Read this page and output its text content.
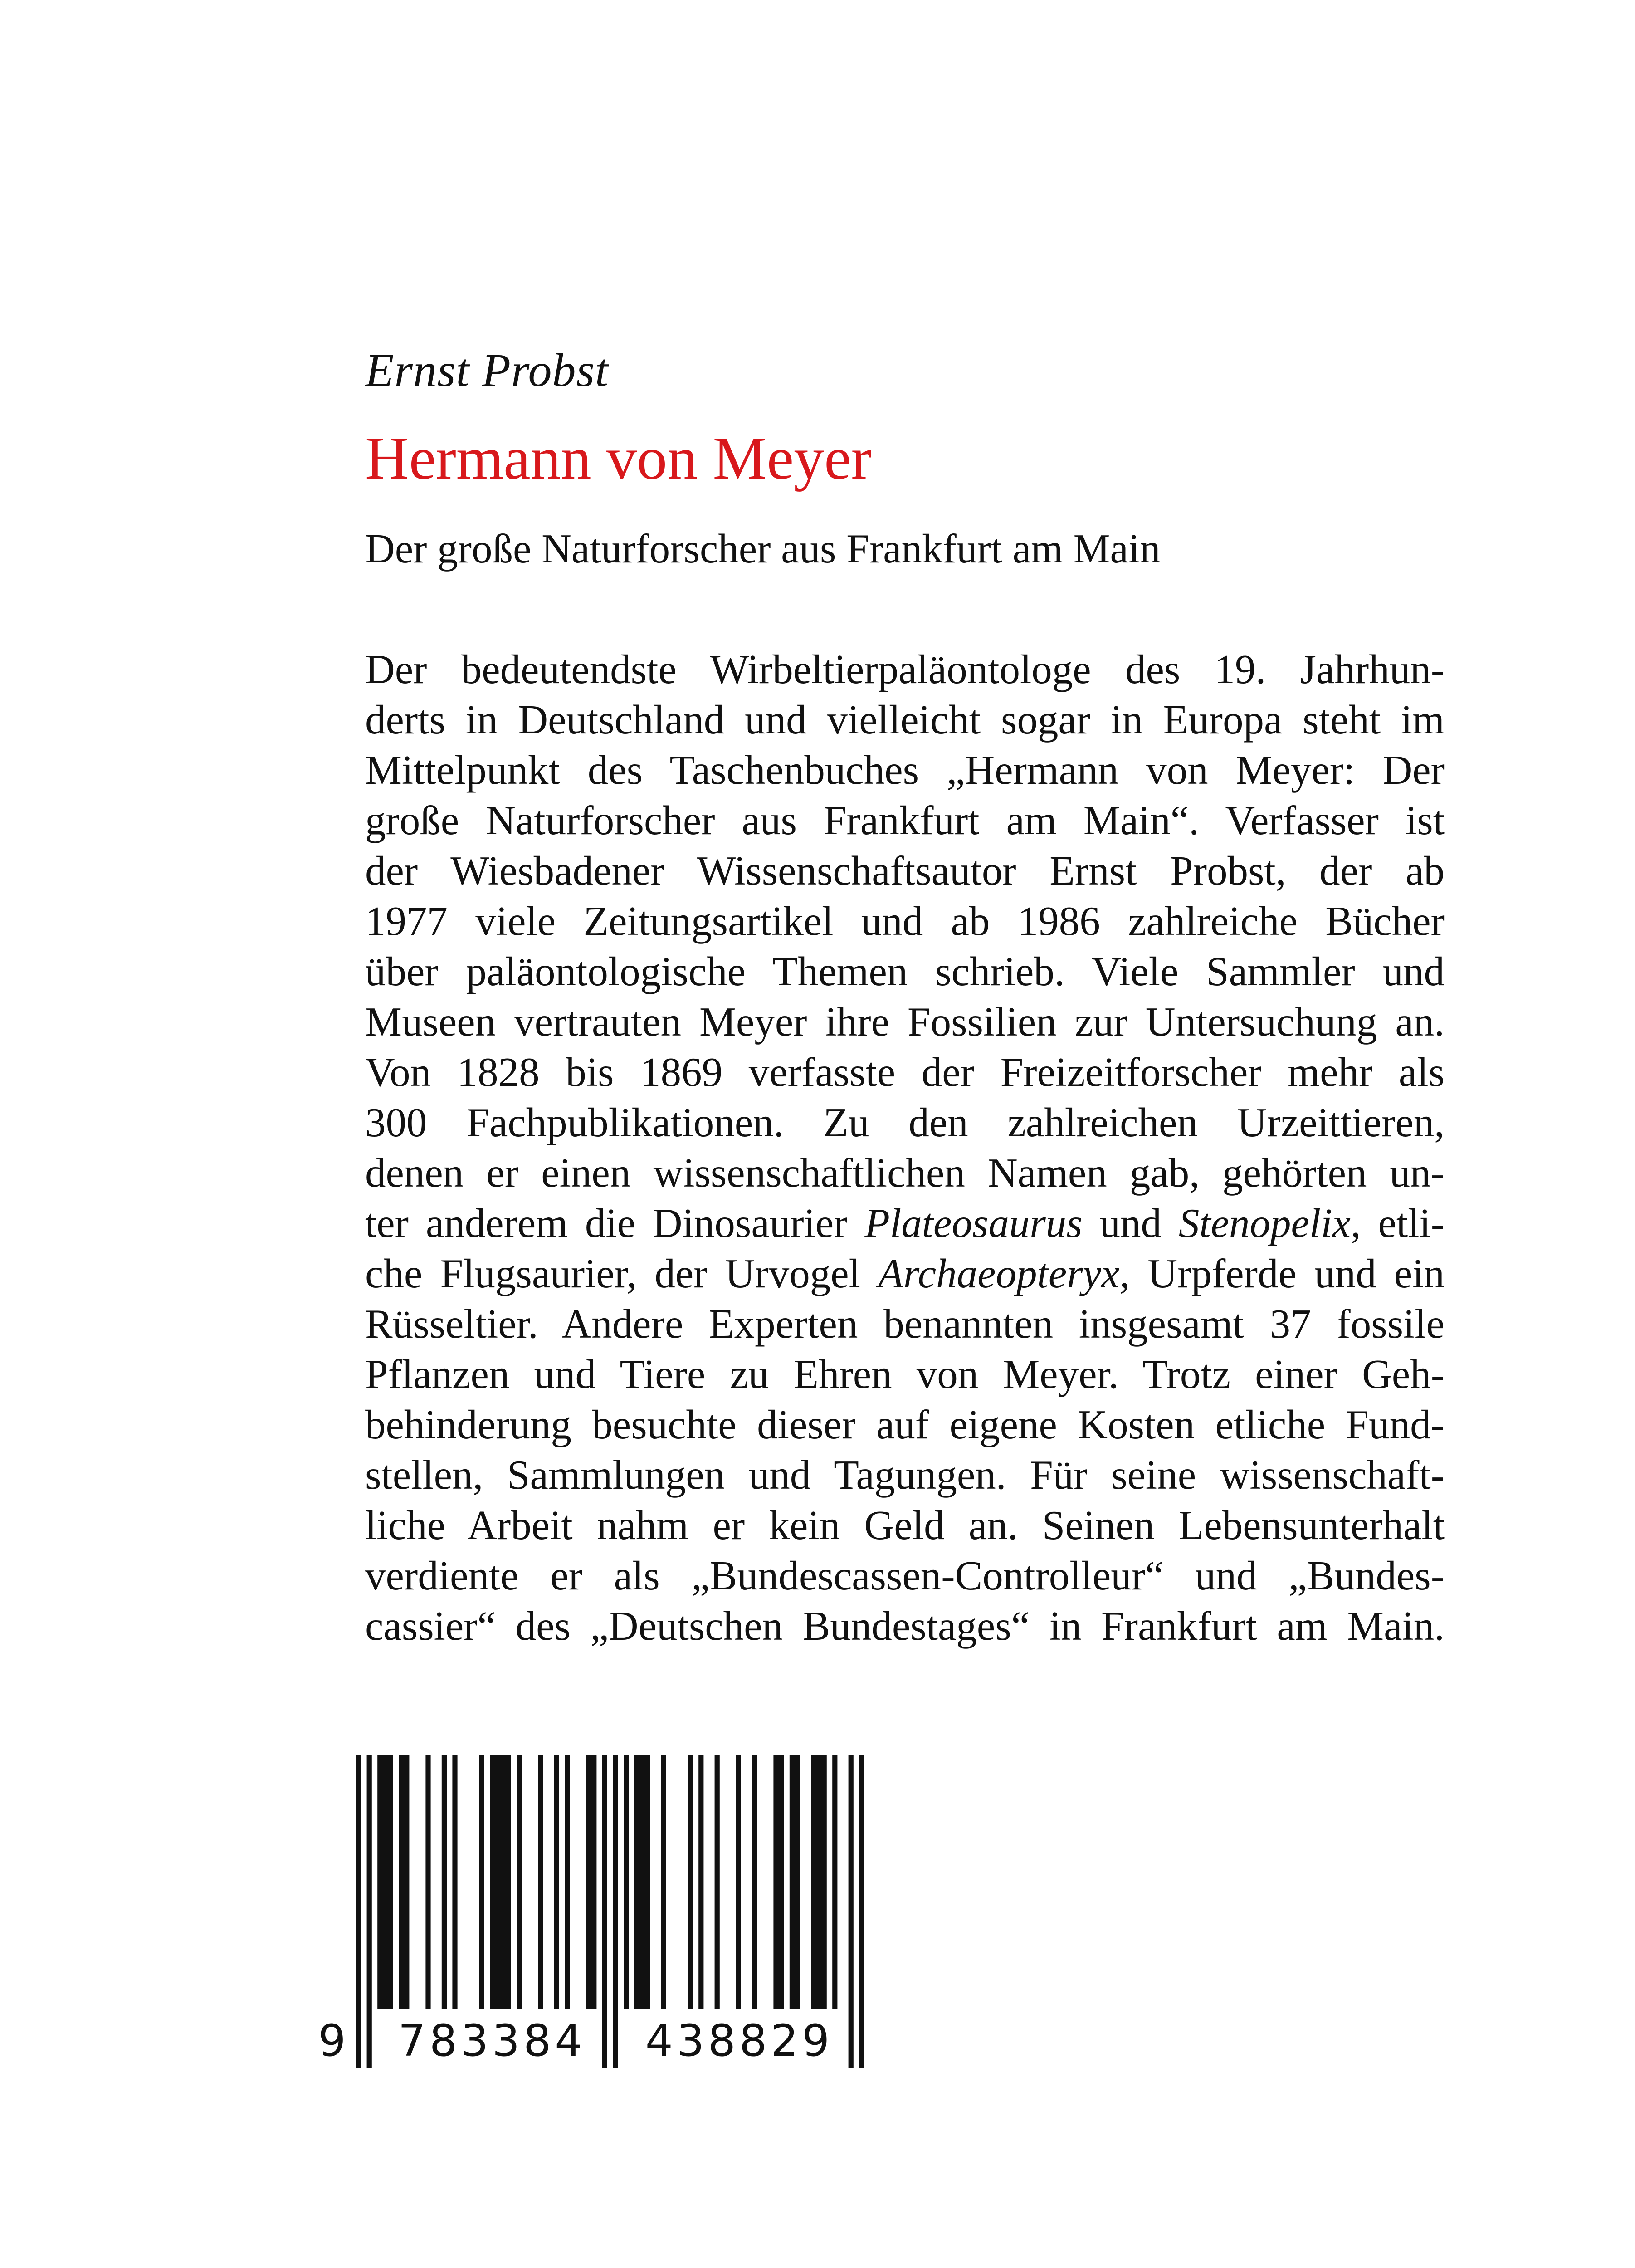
Ernst Probst
Hermann von Meyer
Der große Naturforscher aus Frankfurt am Main
Der bedeutendste Wirbeltierpaläontologe des 19. Jahrhun-
derts in Deutschland und vielleicht sogar in Europa steht im
Mittelpunkt des Taschenbuches „Hermann von Meyer: Der
große Naturforscher aus Frankfurt am Main“. Verfasser ist
der Wiesbadener Wissenschaftsautor Ernst Probst, der ab
1977 viele Zeitungsartikel und ab 1986 zahlreiche Bücher
über paläontologische Themen schrieb. Viele Sammler und
Museen vertrauten Meyer ihre Fossilien zur Untersuchung an.
Von 1828 bis 1869 verfasste der Freizeitforscher mehr als
300 Fachpublikationen. Zu den zahlreichen Urzeittieren,
denen er einen wissenschaftlichen Namen gab, gehörten un-
ter anderem die Dinosaurier Plateosaurus und Stenopelix, etli-
che Flugsaurier, der Urvogel Archaeopteryx, Urpferde und ein
Rüsseltier. Andere Experten benannten insgesamt 37 fossile
Pflanzen und Tiere zu Ehren von Meyer. Trotz einer Geh-
behinderung besuchte dieser auf eigene Kosten etliche Fund-
stellen, Sammlungen und Tagungen. Für seine wissenschaft-
liche Arbeit nahm er kein Geld an. Seinen Lebensunterhalt
verdiente er als „Bundescassen-Controlleur“ und „Bundes-
cassier“ des „Deutschen Bundestages“ in Frankfurt am Main.
9 783384 438829
